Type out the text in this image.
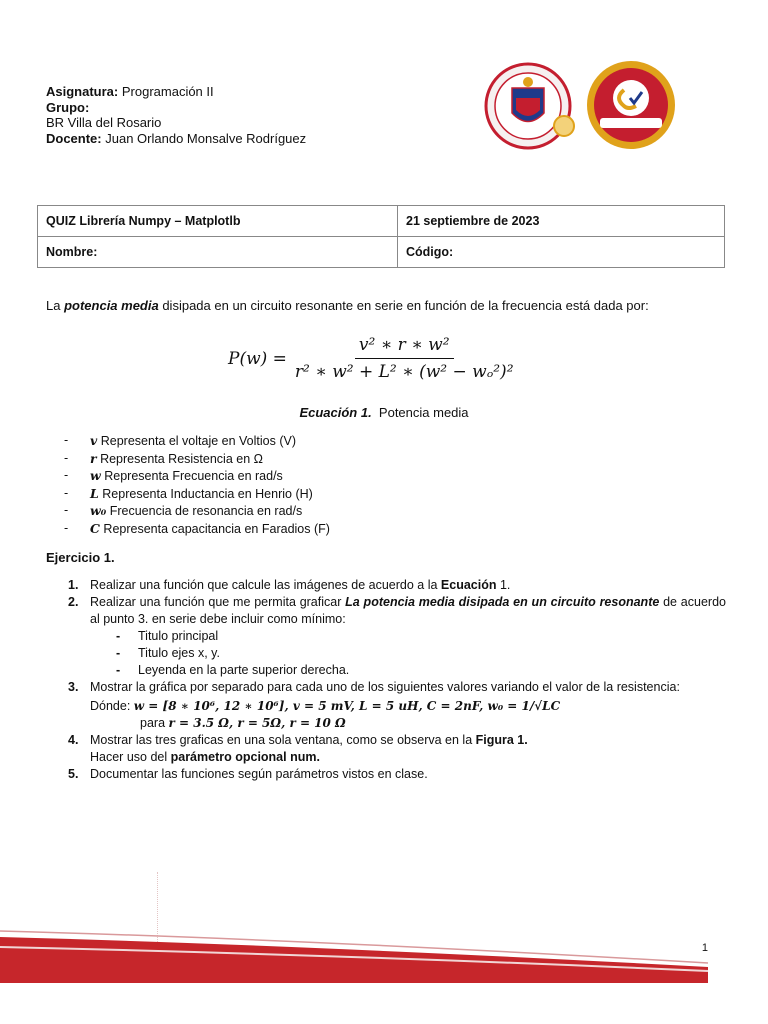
Asignatura: Programación II
Grupo:
BR Villa del Rosario
Docente: Juan Orlando Monsalve Rodríguez
QUIZ Librería Numpy – Matplotlb	21 septiembre de 2023
Nombre:	Código:
La potencia media disipada en un circuito resonante en serie en función de la frecuencia está dada por:
$P(w) = \frac{\text{v² ∗ r ∗ w²}}{\text{r² ∗ w² + L² ∗ (w² − wₒ²)²}}$
Ecuación 1. Potencia media
- v Representa el voltaje en Voltios (V)
- r Representa Resistencia en Ω
- w Representa Frecuencia en rad/s
- L Representa Inductancia en Henrio (H)
- w₀ Frecuencia de resonancia en rad/s
- C Representa capacitancia en Faradios (F)
Ejercicio 1.
1. Realizar una función que calcule las imágenes de acuerdo a la Ecuación 1.
2. Realizar una función que me permita graficar La potencia media disipada en un circuito resonante de acuerdo al punto 3. en serie debe incluir como mínimo:
- Titulo principal
- Titulo ejes x, y.
- Leyenda en la parte superior derecha.
3. Mostrar la gráfica por separado para cada uno de los siguientes valores variando el valor de la resistencia:
Dónde: w = [8 ∗ 10⁶, 12 ∗ 10⁶], v = 5 mV, L = 5 uH, C = 2nF, w₀ = 1/√LC
para r = 3.5 Ω, r = 5Ω, r = 10 Ω
4. Mostrar las tres graficas en una sola ventana, como se observa en la Figura 1.
Hacer uso del parámetro opcional num.
5. Documentar las funciones según parámetros vistos en clase.
1
